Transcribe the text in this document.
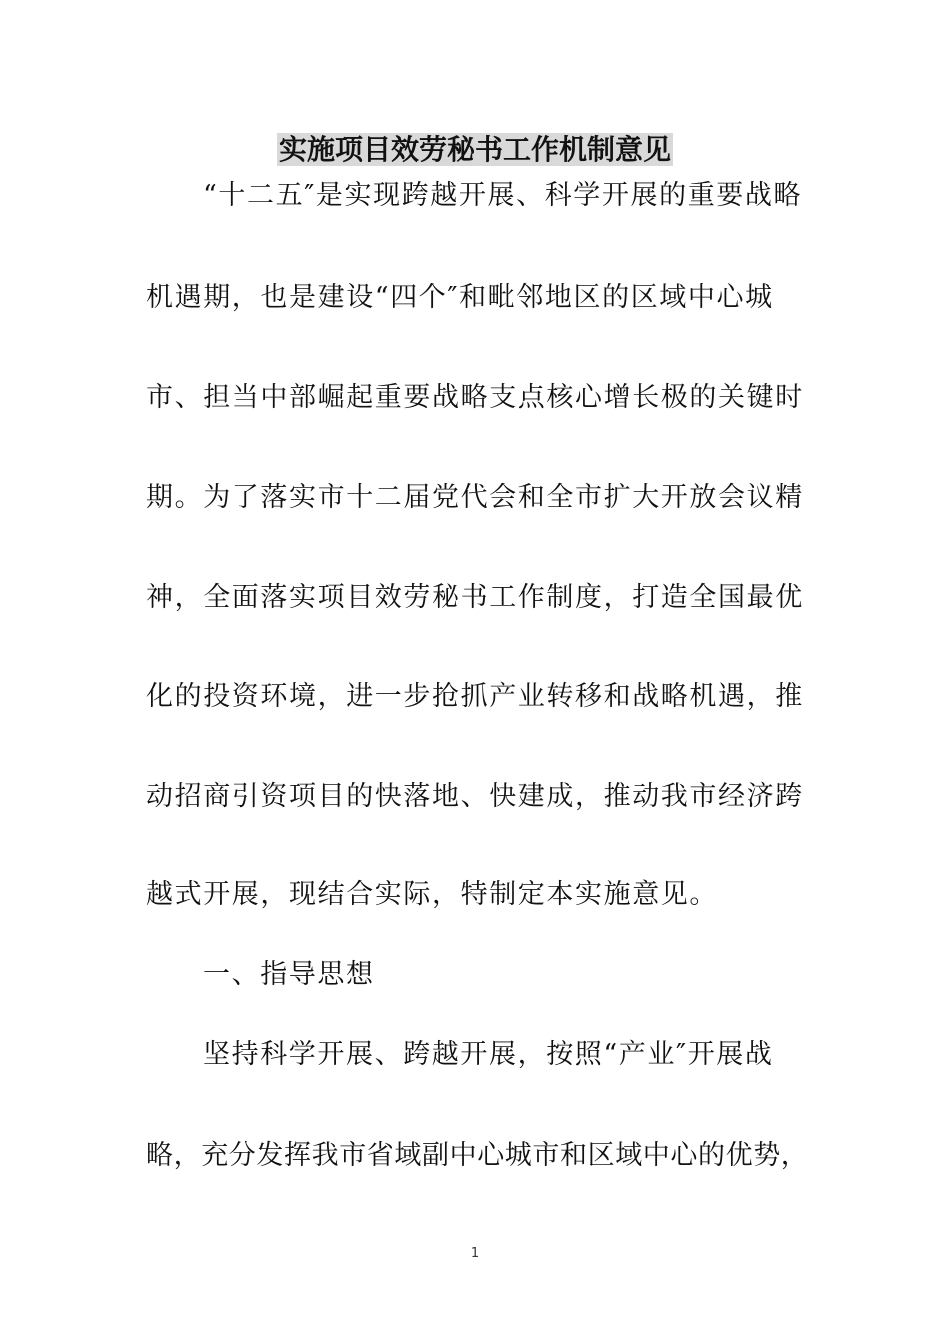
实施项目效劳秘书工作机制意见
“十二五″是实现跨越开展、科学开展的重要战略
机遇期，也是建设“四个″和毗邻地区的区域中心城
市、担当中部崛起重要战略支点核心增长极的关键时
期。为了落实市十二届党代会和全市扩大开放会议精
神，全面落实项目效劳秘书工作制度，打造全国最优
化的投资环境，进一步抢抓产业转移和战略机遇，推
动招商引资项目的快落地、快建成，推动我市经济跨
越式开展，现结合实际，特制定本实施意见。
一、指导思想
坚持科学开展、跨越开展，按照“产业″开展战
略，充分发挥我市省域副中心城市和区域中心的优势，
1
